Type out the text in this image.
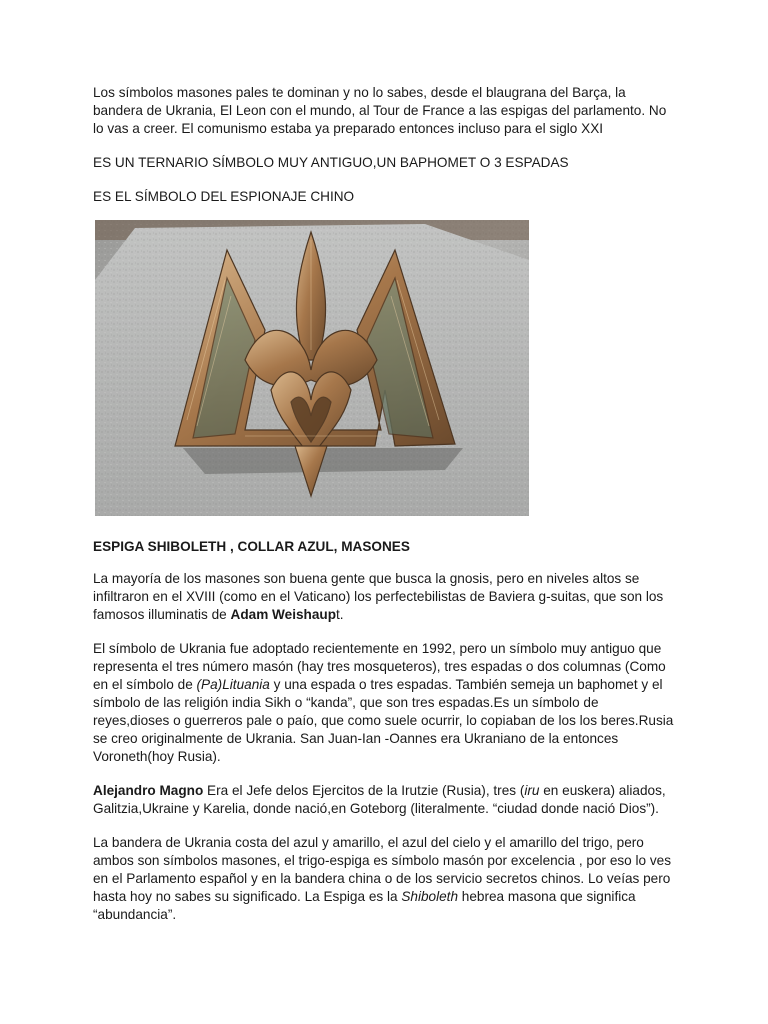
Los símbolos masones pales te dominan y no lo sabes, desde el blaugrana del Barça, la bandera de Ukrania, El Leon con el mundo, al Tour de France a las espigas del parlamento. No lo vas a creer. El comunismo estaba ya preparado entonces incluso para el siglo XXI

ES UN TERNARIO SÍMBOLO MUY ANTIGUO,UN BAPHOMET O 3 ESPADAS

ES EL SÍMBOLO DEL ESPIONAJE CHINO

ESPIGA SHIBOLETH , COLLAR AZUL, MASONES

La mayoría de los masones son buena gente que busca la gnosis, pero en niveles altos se infiltraron en el XVIII (como en el Vaticano) los perfectebilistas de Baviera g-suitas, que son los famosos illuminatis de Adam Weishaupt.

El símbolo de Ukrania fue adoptado recientemente en 1992, pero un símbolo muy antiguo que representa el tres número masón (hay tres mosqueteros), tres espadas o dos columnas (Como en el símbolo de (Pa)Lituania y una espada o tres espadas. También semeja un baphomet y el símbolo de las religión india Sikh o “kanda”, que son tres espadas.Es un símbolo de reyes,dioses o guerreros pale o paío, que como suele ocurrir, lo copiaban de los los beres.Rusia se creo originalmente de Ukrania. San Juan-Ian -Oannes era Ukraniano de la entonces Voroneth(hoy Rusia).

Alejandro Magno Era el Jefe delos Ejercitos de la Irutzie (Rusia), tres (iru en euskera) aliados, Galitzia,Ukraine y Karelia, donde nació,en Goteborg (literalmente. “ciudad donde nació Dios”).

La bandera de Ukrania costa del azul y amarillo, el azul del cielo y el amarillo del trigo, pero ambos son símbolos masones, el trigo-espiga es símbolo masón por excelencia , por eso lo ves en el Parlamento español y en la bandera china o de los servicio secretos chinos. Lo veías pero hasta hoy no sabes su significado. La Espiga es la Shiboleth hebrea masona que significa “abundancia”.
